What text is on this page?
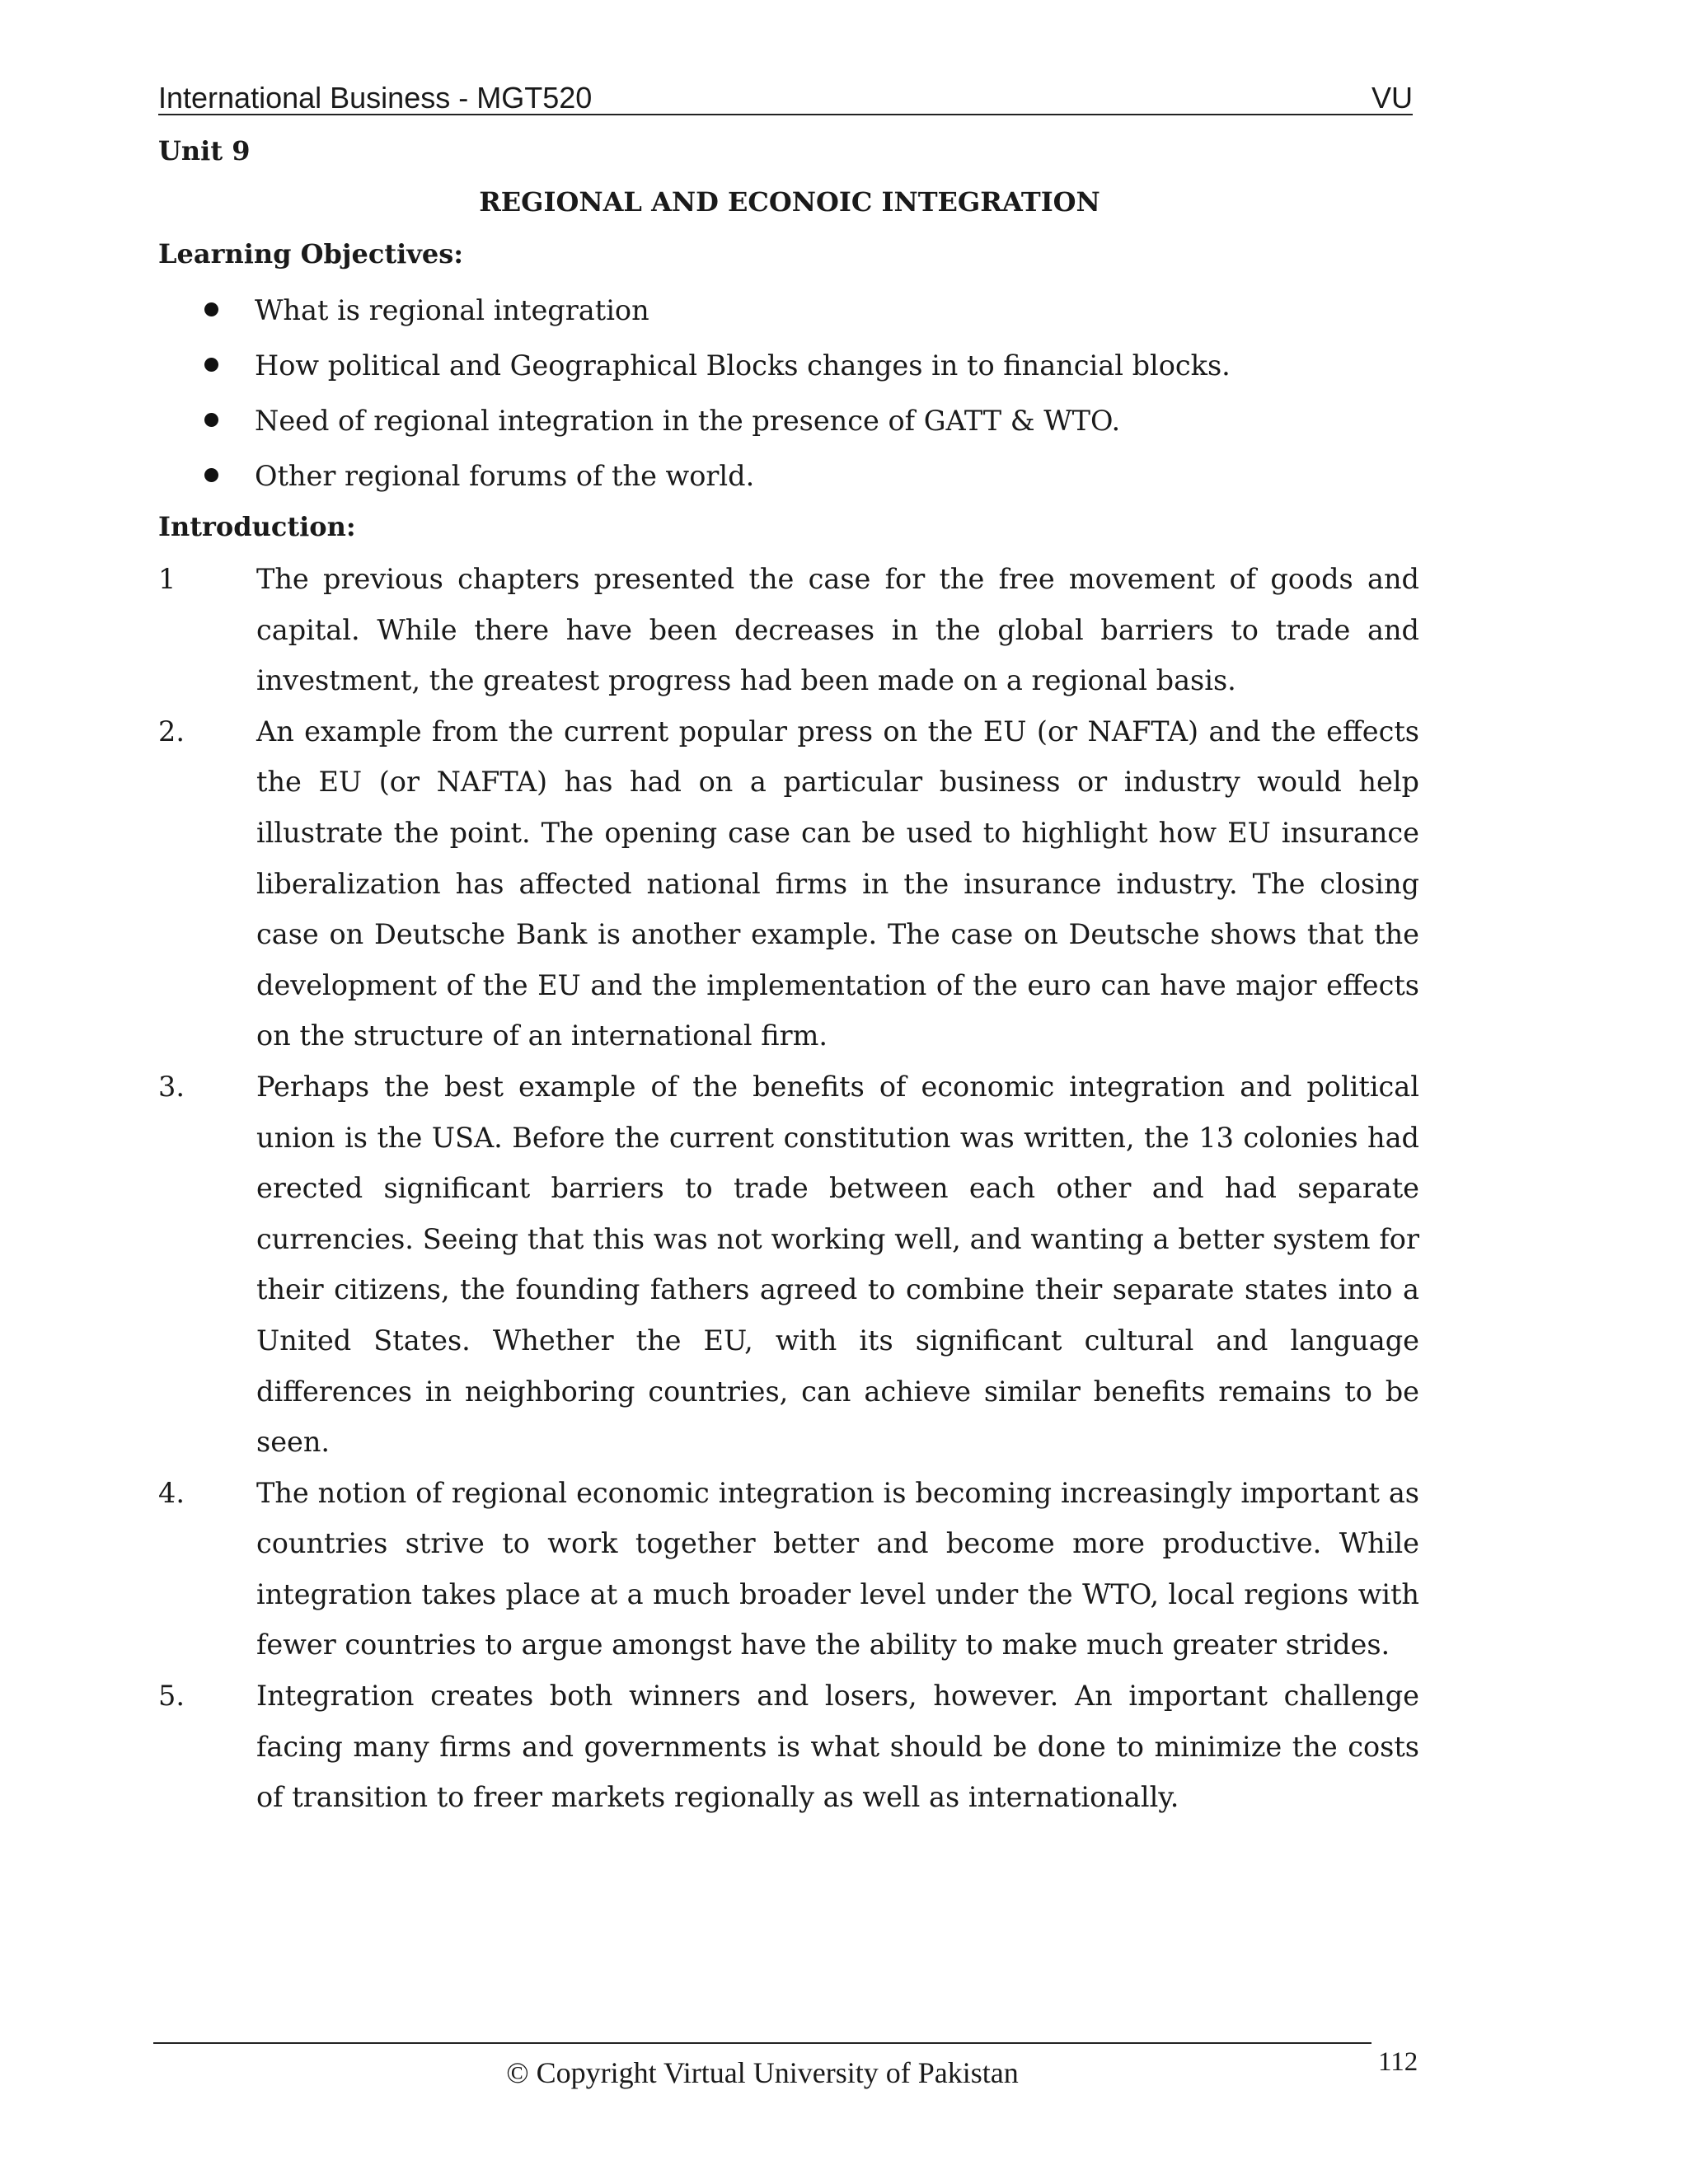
International Business - MGT520	VU
Unit 9
REGIONAL AND ECONOIC INTEGRATION
Learning Objectives:
What is regional integration
How political and Geographical Blocks changes in to financial blocks.
Need of regional integration in the presence of GATT & WTO.
Other regional forums of the world.
Introduction:
1	The previous chapters presented the case for the free movement of goods and capital. While there have been decreases in the global barriers to trade and investment, the greatest progress had been made on a regional basis.
2.	An example from the current popular press on the EU (or NAFTA) and the effects the EU (or NAFTA) has had on a particular business or industry would help illustrate the point. The opening case can be used to highlight how EU insurance liberalization has affected national firms in the insurance industry. The closing case on Deutsche Bank is another example. The case on Deutsche shows that the development of the EU and the implementation of the euro can have major effects on the structure of an international firm.
3.	Perhaps the best example of the benefits of economic integration and political union is the USA. Before the current constitution was written, the 13 colonies had erected significant barriers to trade between each other and had separate currencies. Seeing that this was not working well, and wanting a better system for their citizens, the founding fathers agreed to combine their separate states into a United States. Whether the EU, with its significant cultural and language differences in neighboring countries, can achieve similar benefits remains to be seen.
4.	The notion of regional economic integration is becoming increasingly important as countries strive to work together better and become more productive. While integration takes place at a much broader level under the WTO, local regions with fewer countries to argue amongst have the ability to make much greater strides.
5.	Integration creates both winners and losers, however. An important challenge facing many firms and governments is what should be done to minimize the costs of transition to freer markets regionally as well as internationally.
© Copyright Virtual University of Pakistan	112
